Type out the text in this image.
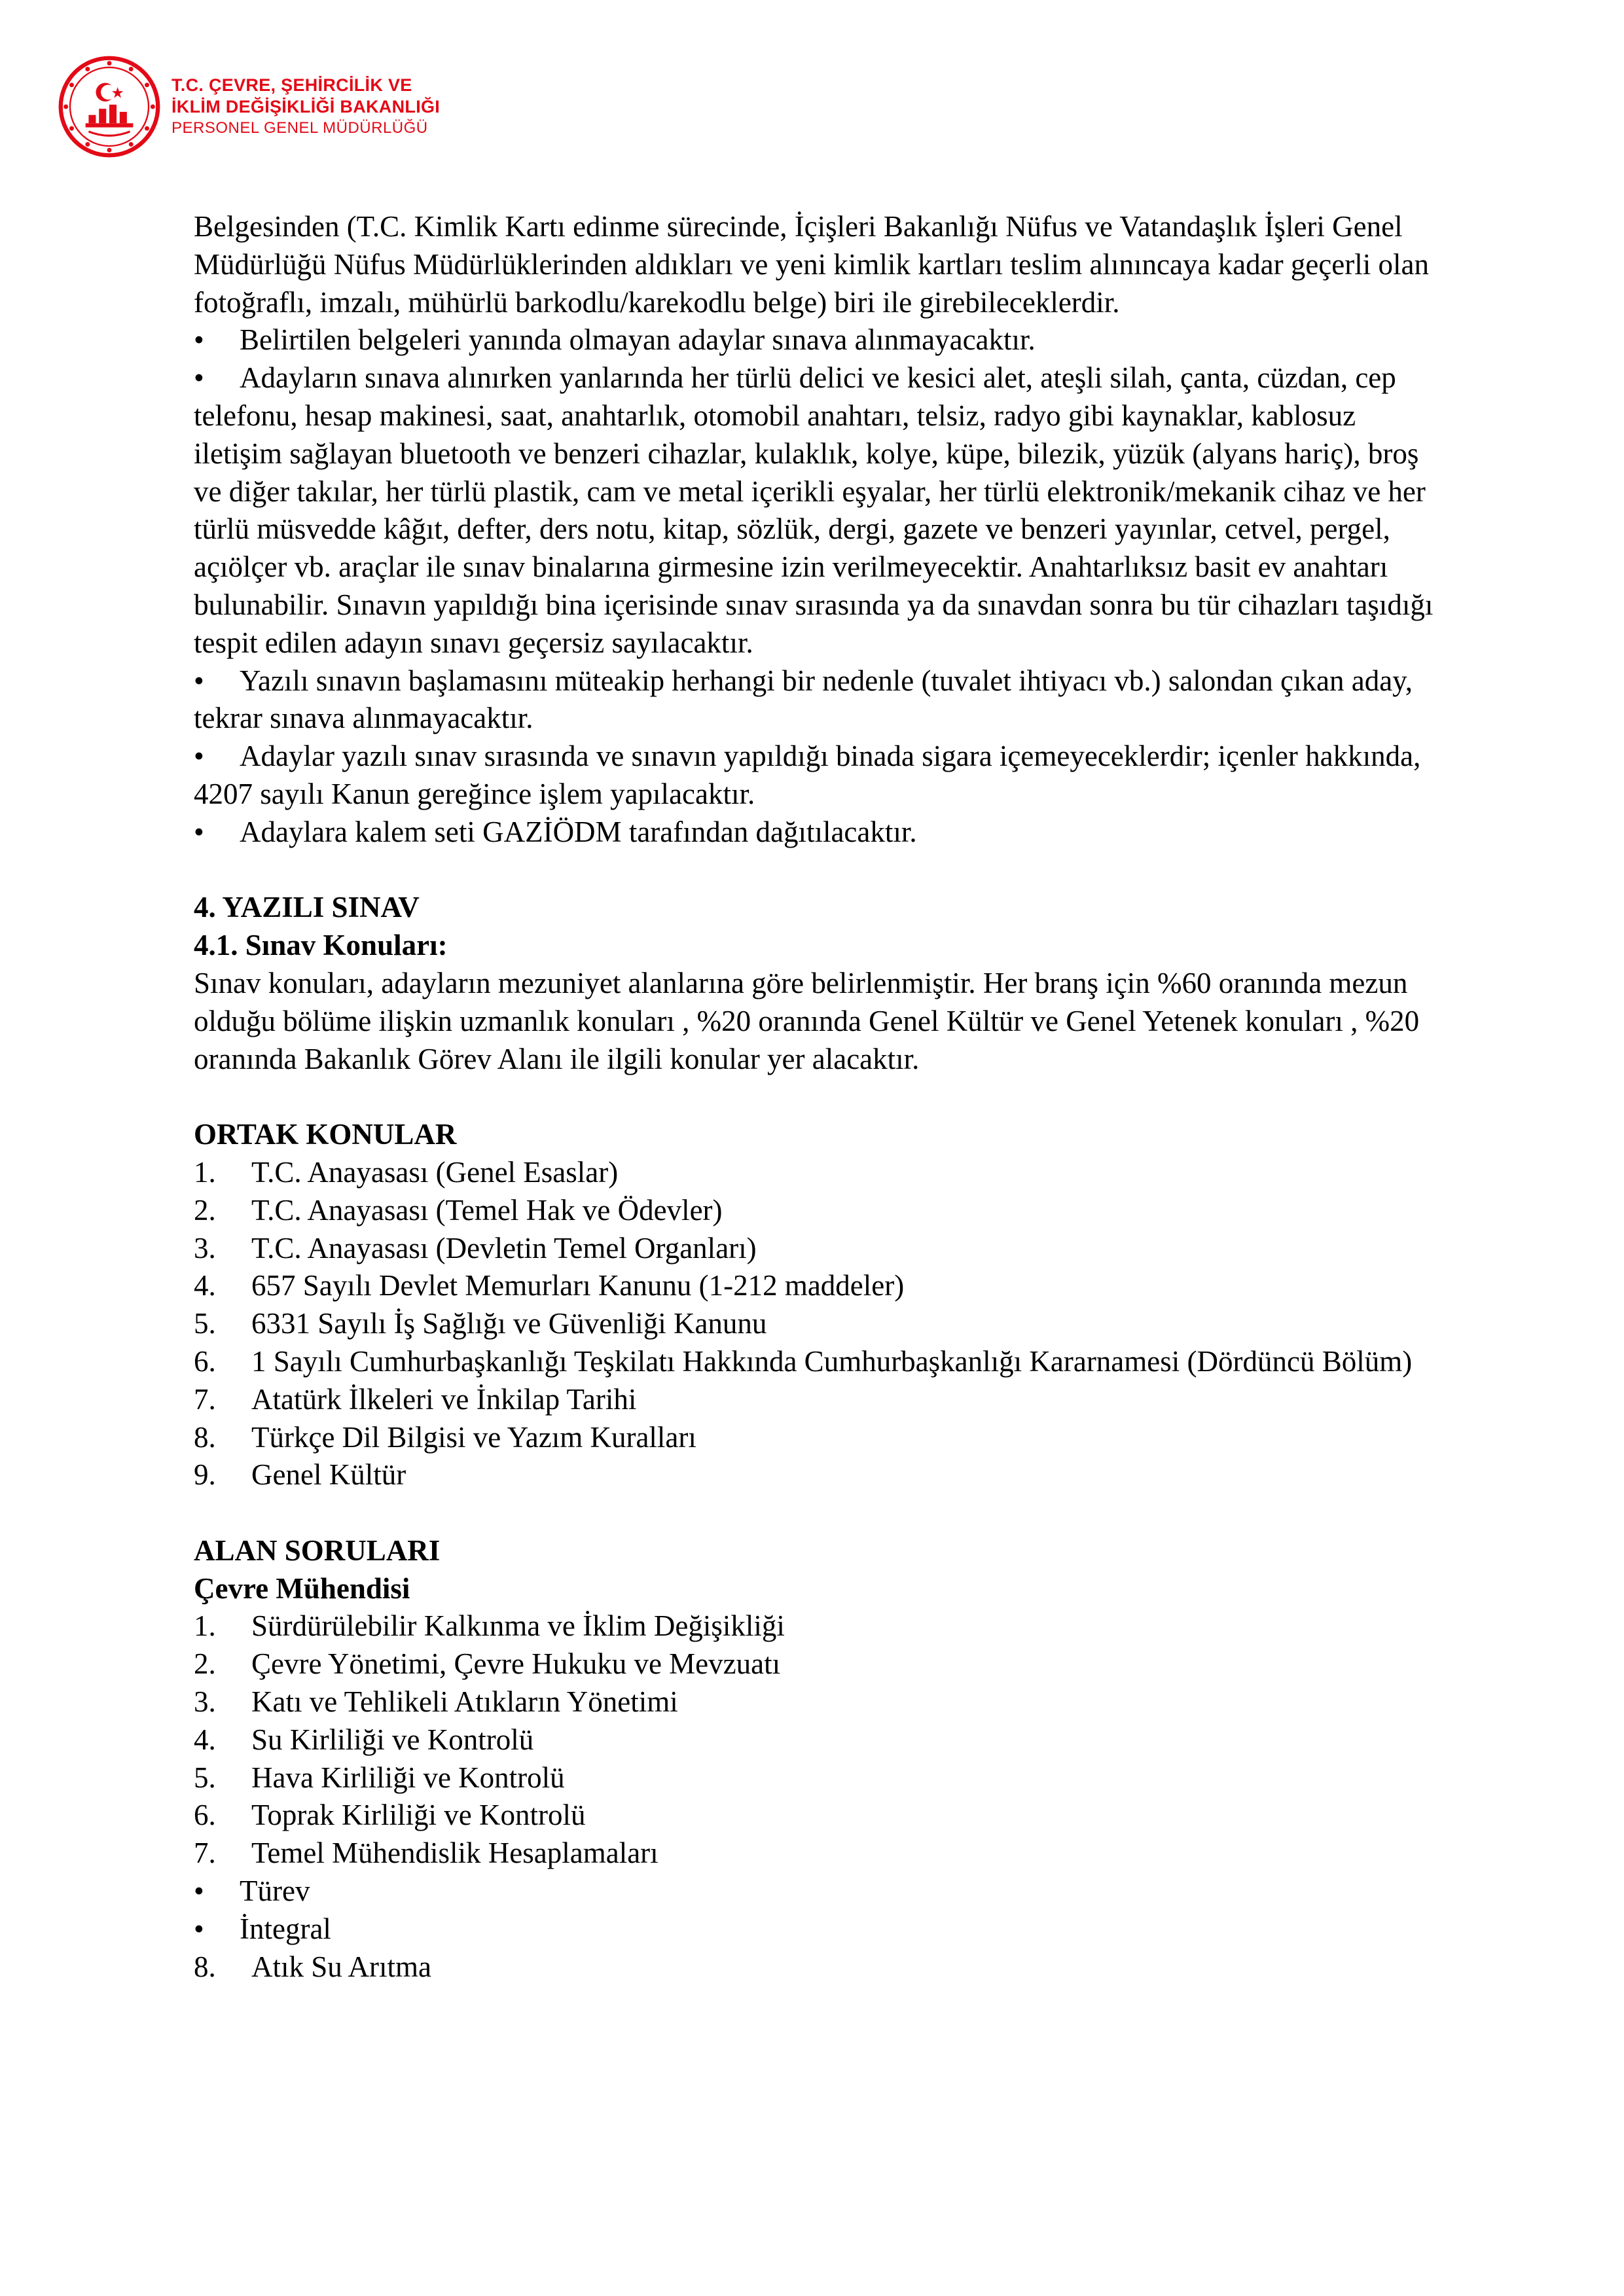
T.C. ÇEVRE, ŞEHİRCİLİK VE
İKLİM DEĞİŞİKLİĞİ BAKANLIĞI
PERSONEL GENEL MÜDÜRLÜĞÜ

Belgesinden (T.C. Kimlik Kartı edinme sürecinde, İçişleri Bakanlığı Nüfus ve Vatandaşlık İşleri Genel Müdürlüğü Nüfus Müdürlüklerinden aldıkları ve yeni kimlik kartları teslim alınıncaya kadar geçerli olan fotoğraflı, imzalı, mühürlü barkodlu/karekodlu belge) biri ile girebileceklerdir.

• Belirtilen belgeleri yanında olmayan adaylar sınava alınmayacaktır.

• Adayların sınava alınırken yanlarında her türlü delici ve kesici alet, ateşli silah, çanta, cüzdan, cep telefonu, hesap makinesi, saat, anahtarlık, otomobil anahtarı, telsiz, radyo gibi kaynaklar, kablosuz iletişim sağlayan bluetooth ve benzeri cihazlar, kulaklık, kolye, küpe, bilezik, yüzük (alyans hariç), broş ve diğer takılar, her türlü plastik, cam ve metal içerikli eşyalar, her türlü elektronik/mekanik cihaz ve her türlü müsvedde kâğıt, defter, ders notu, kitap, sözlük, dergi, gazete ve benzeri yayınlar, cetvel, pergel, açıölçer vb. araçlar ile sınav binalarına girmesine izin verilmeyecektir. Anahtarlıksız basit ev anahtarı bulunabilir. Sınavın yapıldığı bina içerisinde sınav sırasında ya da sınavdan sonra bu tür cihazları taşıdığı tespit edilen adayın sınavı geçersiz sayılacaktır.

• Yazılı sınavın başlamasını müteakip herhangi bir nedenle (tuvalet ihtiyacı vb.) salondan çıkan aday, tekrar sınava alınmayacaktır.

• Adaylar yazılı sınav sırasında ve sınavın yapıldığı binada sigara içemeyeceklerdir; içenler hakkında, 4207 sayılı Kanun gereğince işlem yapılacaktır.

• Adaylara kalem seti GAZİÖDM tarafından dağıtılacaktır.

4. YAZILI SINAV

4.1. Sınav Konuları:

Sınav konuları, adayların mezuniyet alanlarına göre belirlenmiştir. Her branş için %60 oranında mezun olduğu bölüme ilişkin uzmanlık konuları , %20 oranında Genel Kültür ve Genel Yetenek konuları , %20 oranında Bakanlık Görev Alanı ile ilgili konular yer alacaktır.

ORTAK KONULAR

1. T.C. Anayasası (Genel Esaslar)

2. T.C. Anayasası (Temel Hak ve Ödevler)

3. T.C. Anayasası (Devletin Temel Organları)

4. 657 Sayılı Devlet Memurları Kanunu (1-212 maddeler)

5. 6331 Sayılı İş Sağlığı ve Güvenliği Kanunu

6. 1 Sayılı Cumhurbaşkanlığı Teşkilatı Hakkında Cumhurbaşkanlığı Kararnamesi (Dördüncü Bölüm)

7. Atatürk İlkeleri ve İnkilap Tarihi

8. Türkçe Dil Bilgisi ve Yazım Kuralları

9. Genel Kültür

ALAN SORULARI

Çevre Mühendisi

1. Sürdürülebilir Kalkınma ve İklim Değişikliği

2. Çevre Yönetimi, Çevre Hukuku ve Mevzuatı

3. Katı ve Tehlikeli Atıkların Yönetimi

4. Su Kirliliği ve Kontrolü

5. Hava Kirliliği ve Kontrolü

6. Toprak Kirliliği ve Kontrolü

7. Temel Mühendislik Hesaplamaları

• Türev

• İntegral

8. Atık Su Arıtma
